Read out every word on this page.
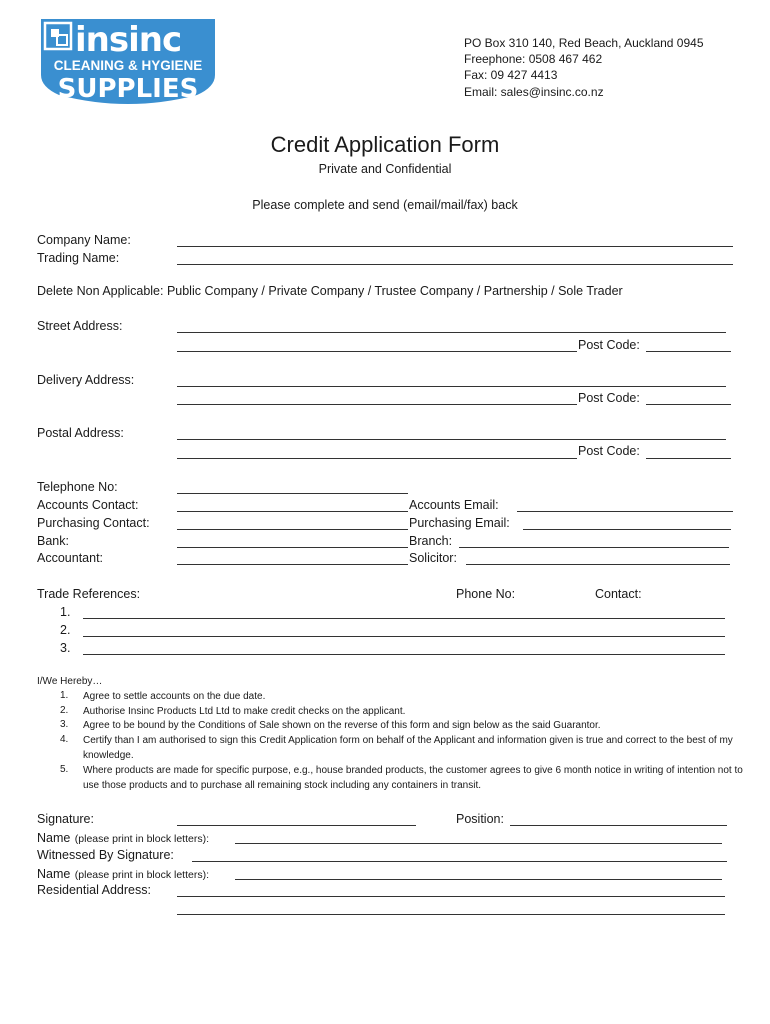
insinc
CLEANING & HYGIENE
SUPPLIES
PO Box 310 140, Red Beach, Auckland 0945
Freephone: 0508 467 462
Fax: 09 427 4413
Email: sales@insinc.co.nz
Credit Application Form
Private and Confidential
Please complete and send (email/mail/fax) back
Company Name:
Trading Name:
Delete Non Applicable: Public Company / Private Company / Trustee Company / Partnership / Sole Trader
Street Address:
Post Code:
Delivery Address:
Post Code:
Postal Address:
Post Code:
Telephone No:
Accounts Contact:	Accounts Email:
Purchasing Contact:	Purchasing Email:
Bank:	Branch:
Accountant:	Solicitor:
Trade References:	Phone No:	Contact:
1.
2.
3.
I/We Hereby…
1. Agree to settle accounts on the due date.
2. Authorise Insinc Products Ltd Ltd to make credit checks on the applicant.
3. Agree to be bound by the Conditions of Sale shown on the reverse of this form and sign below as the said Guarantor.
4. Certify than I am authorised to sign this Credit Application form on behalf of the Applicant and information given is true and correct to the best of my knowledge.
5. Where products are made for specific purpose, e.g., house branded products, the customer agrees to give 6 month notice in writing of intention not to use those products and to purchase all remaining stock including any containers in transit.
Signature:	Position:
Name (please print in block letters):
Witnessed By Signature:
Name (please print in block letters):
Residential Address:
